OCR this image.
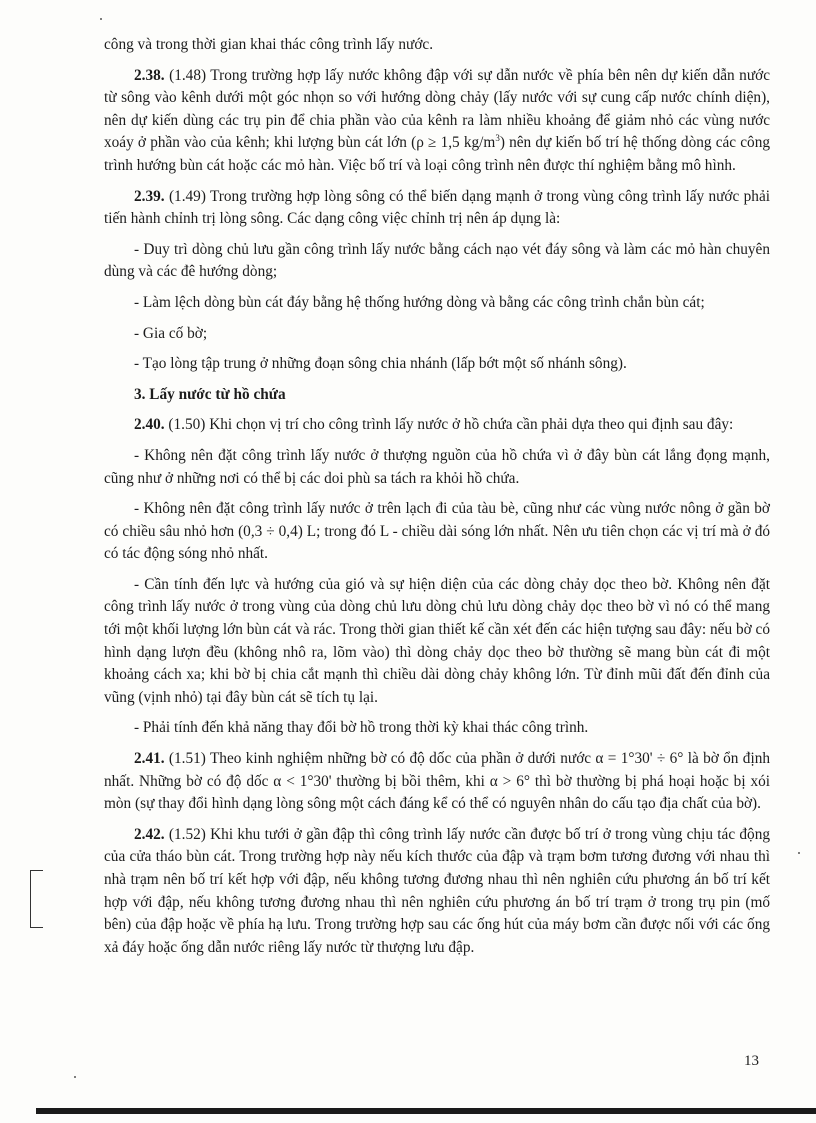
công và trong thời gian khai thác công trình lấy nước.

2.38. (1.48) Trong trường hợp lấy nước không đập với sự dẫn nước về phía bên nên dự kiến dẫn nước từ sông vào kênh dưới một góc nhọn so với hướng dòng chảy (lấy nước với sự cung cấp nước chính diện), nên dự kiến dùng các trụ pin để chia phần vào của kênh ra làm nhiều khoảng để giảm nhỏ các vùng nước xoáy ở phần vào của kênh; khi lượng bùn cát lớn (ρ ≥ 1,5 $kg/m^3$) nên dự kiến bố trí hệ thống dòng các công trình hướng bùn cát hoặc các mỏ hàn. Việc bố trí và loại công trình nên được thí nghiệm bằng mô hình.

2.39. (1.49) Trong trường hợp lòng sông có thể biến dạng mạnh ở trong vùng công trình lấy nước phải tiến hành chỉnh trị lòng sông. Các dạng công việc chỉnh trị nên áp dụng là:

- Duy trì dòng chủ lưu gần công trình lấy nước bằng cách nạo vét đáy sông và làm các mỏ hàn chuyên dùng và các đê hướng dòng;

- Làm lệch dòng bùn cát đáy bằng hệ thống hướng dòng và bằng các công trình chắn bùn cát;

- Gia cố bờ;

- Tạo lòng tập trung ở những đoạn sông chia nhánh (lấp bớt một số nhánh sông).

3. Lấy nước từ hồ chứa

2.40. (1.50) Khi chọn vị trí cho công trình lấy nước ở hồ chứa cần phải dựa theo qui định sau đây:

- Không nên đặt công trình lấy nước ở thượng nguồn của hồ chứa vì ở đây bùn cát lắng đọng mạnh, cũng như ở những nơi có thể bị các doi phù sa tách ra khỏi hồ chứa.

- Không nên đặt công trình lấy nước ở trên lạch đi của tàu bè, cũng như các vùng nước nông ở gần bờ có chiều sâu nhỏ hơn (0,3 ÷ 0,4) L; trong đó L - chiều dài sóng lớn nhất. Nên ưu tiên chọn các vị trí mà ở đó có tác động sóng nhỏ nhất.

- Cần tính đến lực và hướng của gió và sự hiện diện của các dòng chảy dọc theo bờ. Không nên đặt công trình lấy nước ở trong vùng của dòng chủ lưu dòng chủ lưu dòng chảy dọc theo bờ vì nó có thể mang tới một khối lượng lớn bùn cát và rác. Trong thời gian thiết kế cần xét đến các hiện tượng sau đây: nếu bờ có hình dạng lượn đều (không nhô ra, lõm vào) thì dòng chảy dọc theo bờ thường sẽ mang bùn cát đi một khoảng cách xa; khi bờ bị chia cắt mạnh thì chiều dài dòng chảy không lớn. Từ đỉnh mũi đất đến đỉnh của vũng (vịnh nhỏ) tại đây bùn cát sẽ tích tụ lại.

- Phải tính đến khả năng thay đổi bờ hồ trong thời kỳ khai thác công trình.

2.41. (1.51) Theo kinh nghiệm những bờ có độ dốc của phần ở dưới nước α = 1°30' ÷ 6° là bờ ổn định nhất. Những bờ có độ dốc α < 1°30' thường bị bồi thêm, khi α > 6° thì bờ thường bị phá hoại hoặc bị xói mòn (sự thay đổi hình dạng lòng sông một cách đáng kể có thể có nguyên nhân do cấu tạo địa chất của bờ).

2.42. (1.52) Khi khu tưới ở gần đập thì công trình lấy nước cần được bố trí ở trong vùng chịu tác động của cửa tháo bùn cát. Trong trường hợp này nếu kích thước của đập và trạm bơm tương đương với nhau thì nhà trạm nên bố trí kết hợp với đập, nếu không tương đương nhau thì nên nghiên cứu phương án bố trí kết hợp với đập, nếu không tương đương nhau thì nên nghiên cứu phương án bố trí trạm ở trong trụ pin (mố bên) của đập hoặc về phía hạ lưu. Trong trường hợp sau các ống hút của máy bơm cần được nối với các ống xả đáy hoặc ống dẫn nước riêng lấy nước từ thượng lưu đập.

13
